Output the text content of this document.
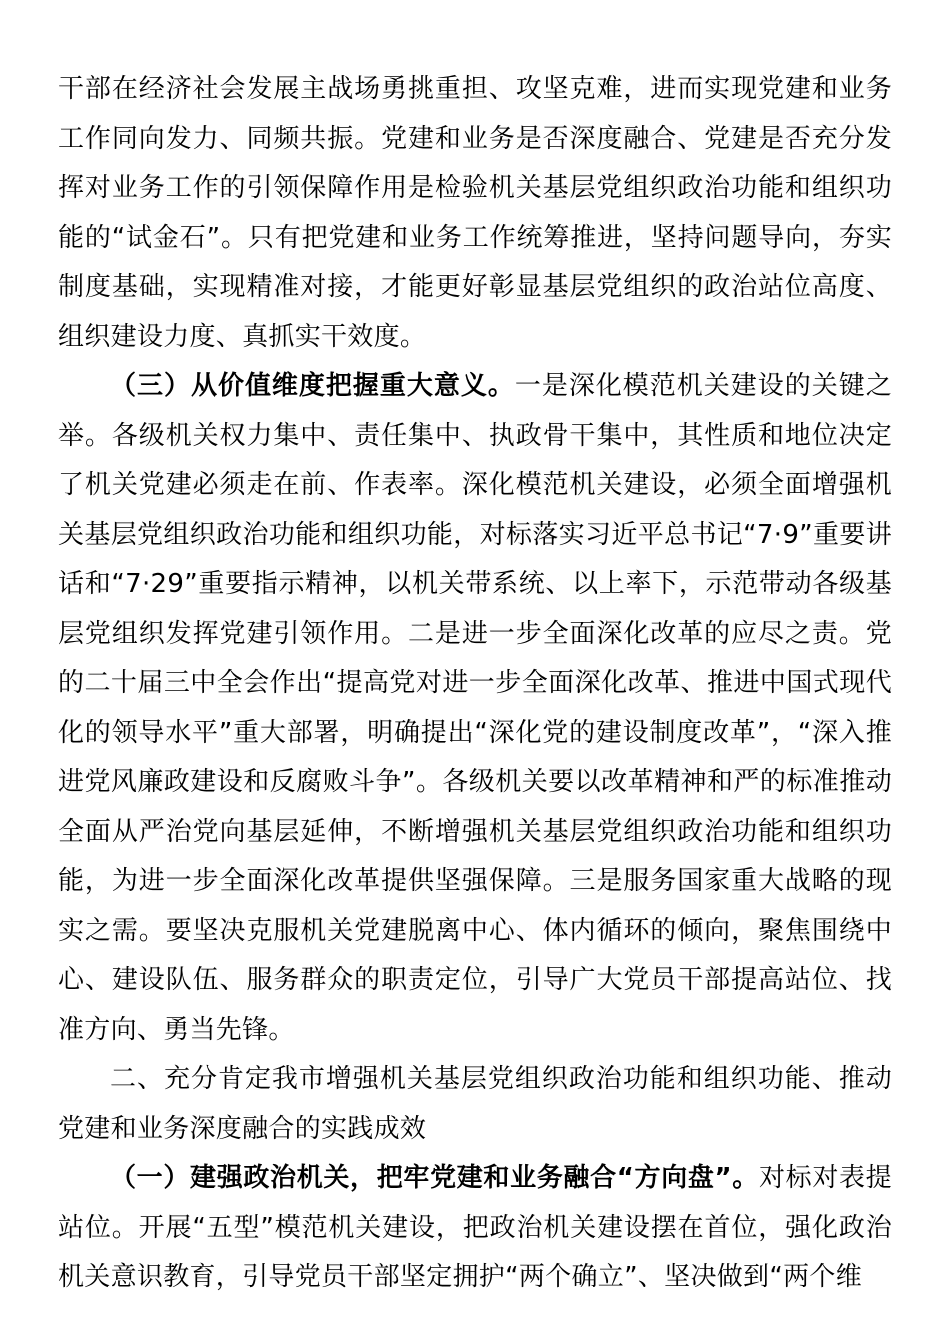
干部在经济社会发展主战场勇挑重担、攻坚克难，进而实现党建和业务工作同向发力、同频共振。党建和业务是否深度融合、党建是否充分发挥对业务工作的引领保障作用是检验机关基层党组织政治功能和组织功能的“试金石”。只有把党建和业务工作统筹推进，坚持问题导向，夯实制度基础，实现精准对接，才能更好彰显基层党组织的政治站位高度、组织建设力度、真抓实干效度。

（三）从价值维度把握重大意义。一是深化模范机关建设的关键之举。各级机关权力集中、责任集中、执政骨干集中，其性质和地位决定了机关党建必须走在前、作表率。深化模范机关建设，必须全面增强机关基层党组织政治功能和组织功能，对标落实习近平总书记“7·9”重要讲话和“7·29”重要指示精神，以机关带系统、以上率下，示范带动各级基层党组织发挥党建引领作用。二是进一步全面深化改革的应尽之责。党的二十届三中全会作出“提高党对进一步全面深化改革、推进中国式现代化的领导水平”重大部署，明确提出“深化党的建设制度改革”，“深入推进党风廉政建设和反腐败斗争”。各级机关要以改革精神和严的标准推动全面从严治党向基层延伸，不断增强机关基层党组织政治功能和组织功能，为进一步全面深化改革提供坚强保障。三是服务国家重大战略的现实之需。要坚决克服机关党建脱离中心、体内循环的倾向，聚焦围绕中心、建设队伍、服务群众的职责定位，引导广大党员干部提高站位、找准方向、勇当先锋。

二、充分肯定我市增强机关基层党组织政治功能和组织功能、推动党建和业务深度融合的实践成效

（一）建强政治机关，把牢党建和业务融合“方向盘”。对标对表提站位。开展“五型”模范机关建设，把政治机关建设摆在首位，强化政治机关意识教育，引导党员干部坚定拥护“两个确立”、坚决做到“两个维
